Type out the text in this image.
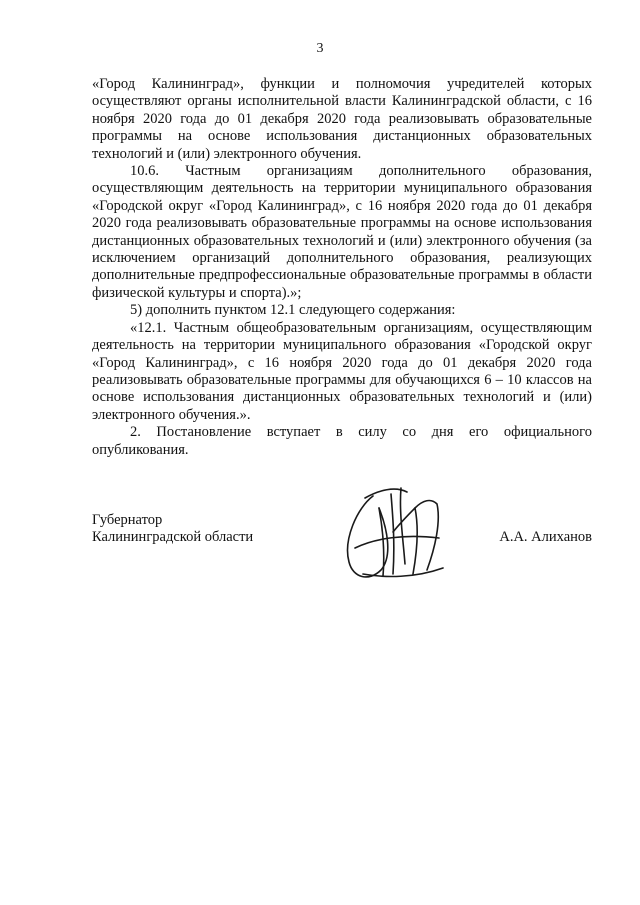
3

«Город Калининград», функции и полномочия учредителей которых осуществляют органы исполнительной власти Калининградской области, с 16 ноября 2020 года до 01 декабря 2020 года реализовывать образовательные программы на основе использования дистанционных образовательных технологий и (или) электронного обучения.

10.6. Частным организациям дополнительного образования, осуществляющим деятельность на территории муниципального образования «Городской округ «Город Калининград», с 16 ноября 2020 года до 01 декабря 2020 года реализовывать образовательные программы на основе использования дистанционных образовательных технологий и (или) электронного обучения (за исключением организаций дополнительного образования, реализующих дополнительные предпрофессиональные образовательные программы в области физической культуры и спорта).»;

5) дополнить пунктом 12.1 следующего содержания:

«12.1. Частным общеобразовательным организациям, осуществляющим деятельность на территории муниципального образования «Городской округ «Город Калининград», с 16 ноября 2020 года до 01 декабря 2020 года реализовывать образовательные программы для обучающихся 6 – 10 классов на основе использования дистанционных образовательных технологий и (или) электронного обучения.».

2. Постановление вступает в силу со дня его официального опубликования.

Губернатор
Калининградской области	А.А. Алиханов
